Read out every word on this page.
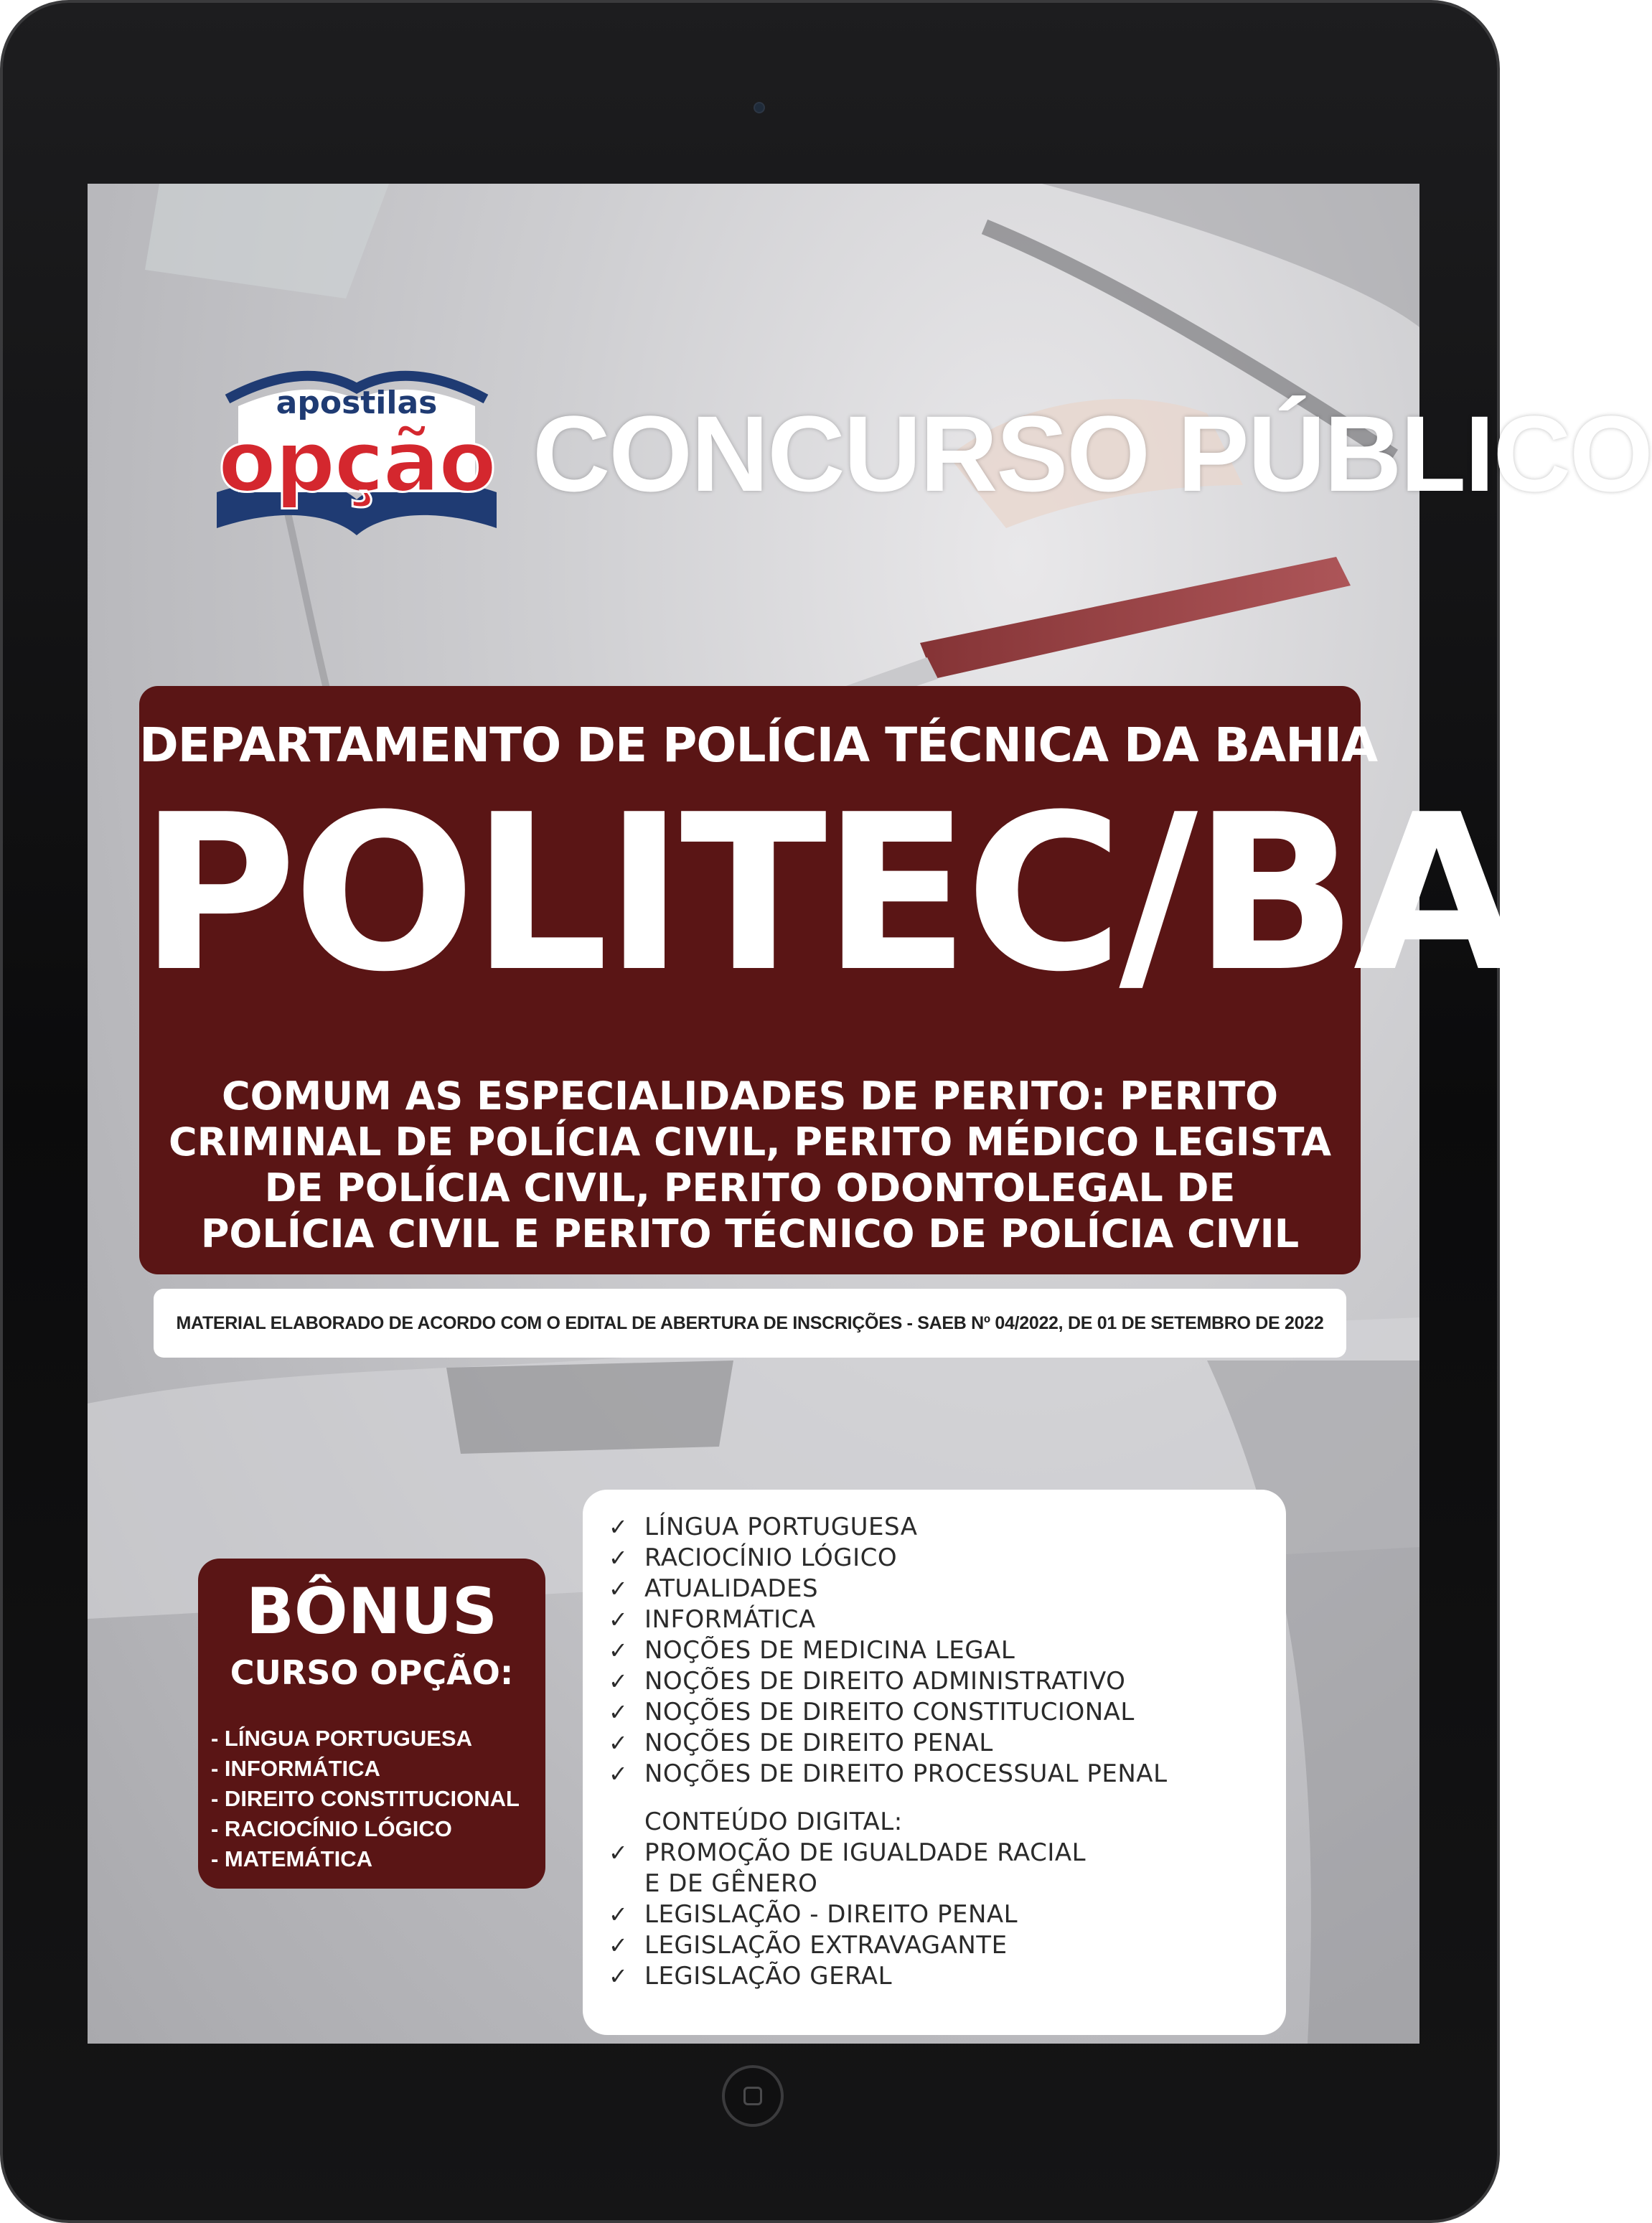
apostilas
opção CONCURSO PÚBLICO
DEPARTAMENTO DE POLÍCIA TÉCNICA DA BAHIA
POLITEC/BA
COMUM AS ESPECIALIDADES DE PERITO: PERITO
CRIMINAL DE POLÍCIA CIVIL, PERITO MÉDICO LEGISTA
DE POLÍCIA CIVIL, PERITO ODONTOLEGAL DE
POLÍCIA CIVIL E PERITO TÉCNICO DE POLÍCIA CIVIL
MATERIAL ELABORADO DE ACORDO COM O EDITAL DE ABERTURA DE INSCRIÇÕES - SAEB Nº 04/2022, DE 01 DE SETEMBRO DE 2022
BÔNUS
CURSO OPÇÃO:
- LÍNGUA PORTUGUESA
- INFORMÁTICA
- DIREITO CONSTITUCIONAL
- RACIOCÍNIO LÓGICO
- MATEMÁTICA
✓ LÍNGUA PORTUGUESA
✓ RACIOCÍNIO LÓGICO
✓ ATUALIDADES
✓ INFORMÁTICA
✓ NOÇÕES DE MEDICINA LEGAL
✓ NOÇÕES DE DIREITO ADMINISTRATIVO
✓ NOÇÕES DE DIREITO CONSTITUCIONAL
✓ NOÇÕES DE DIREITO PENAL
✓ NOÇÕES DE DIREITO PROCESSUAL PENAL
CONTEÚDO DIGITAL:
✓ PROMOÇÃO DE IGUALDADE RACIAL
E DE GÊNERO
✓ LEGISLAÇÃO - DIREITO PENAL
✓ LEGISLAÇÃO EXTRAVAGANTE
✓ LEGISLAÇÃO GERAL
